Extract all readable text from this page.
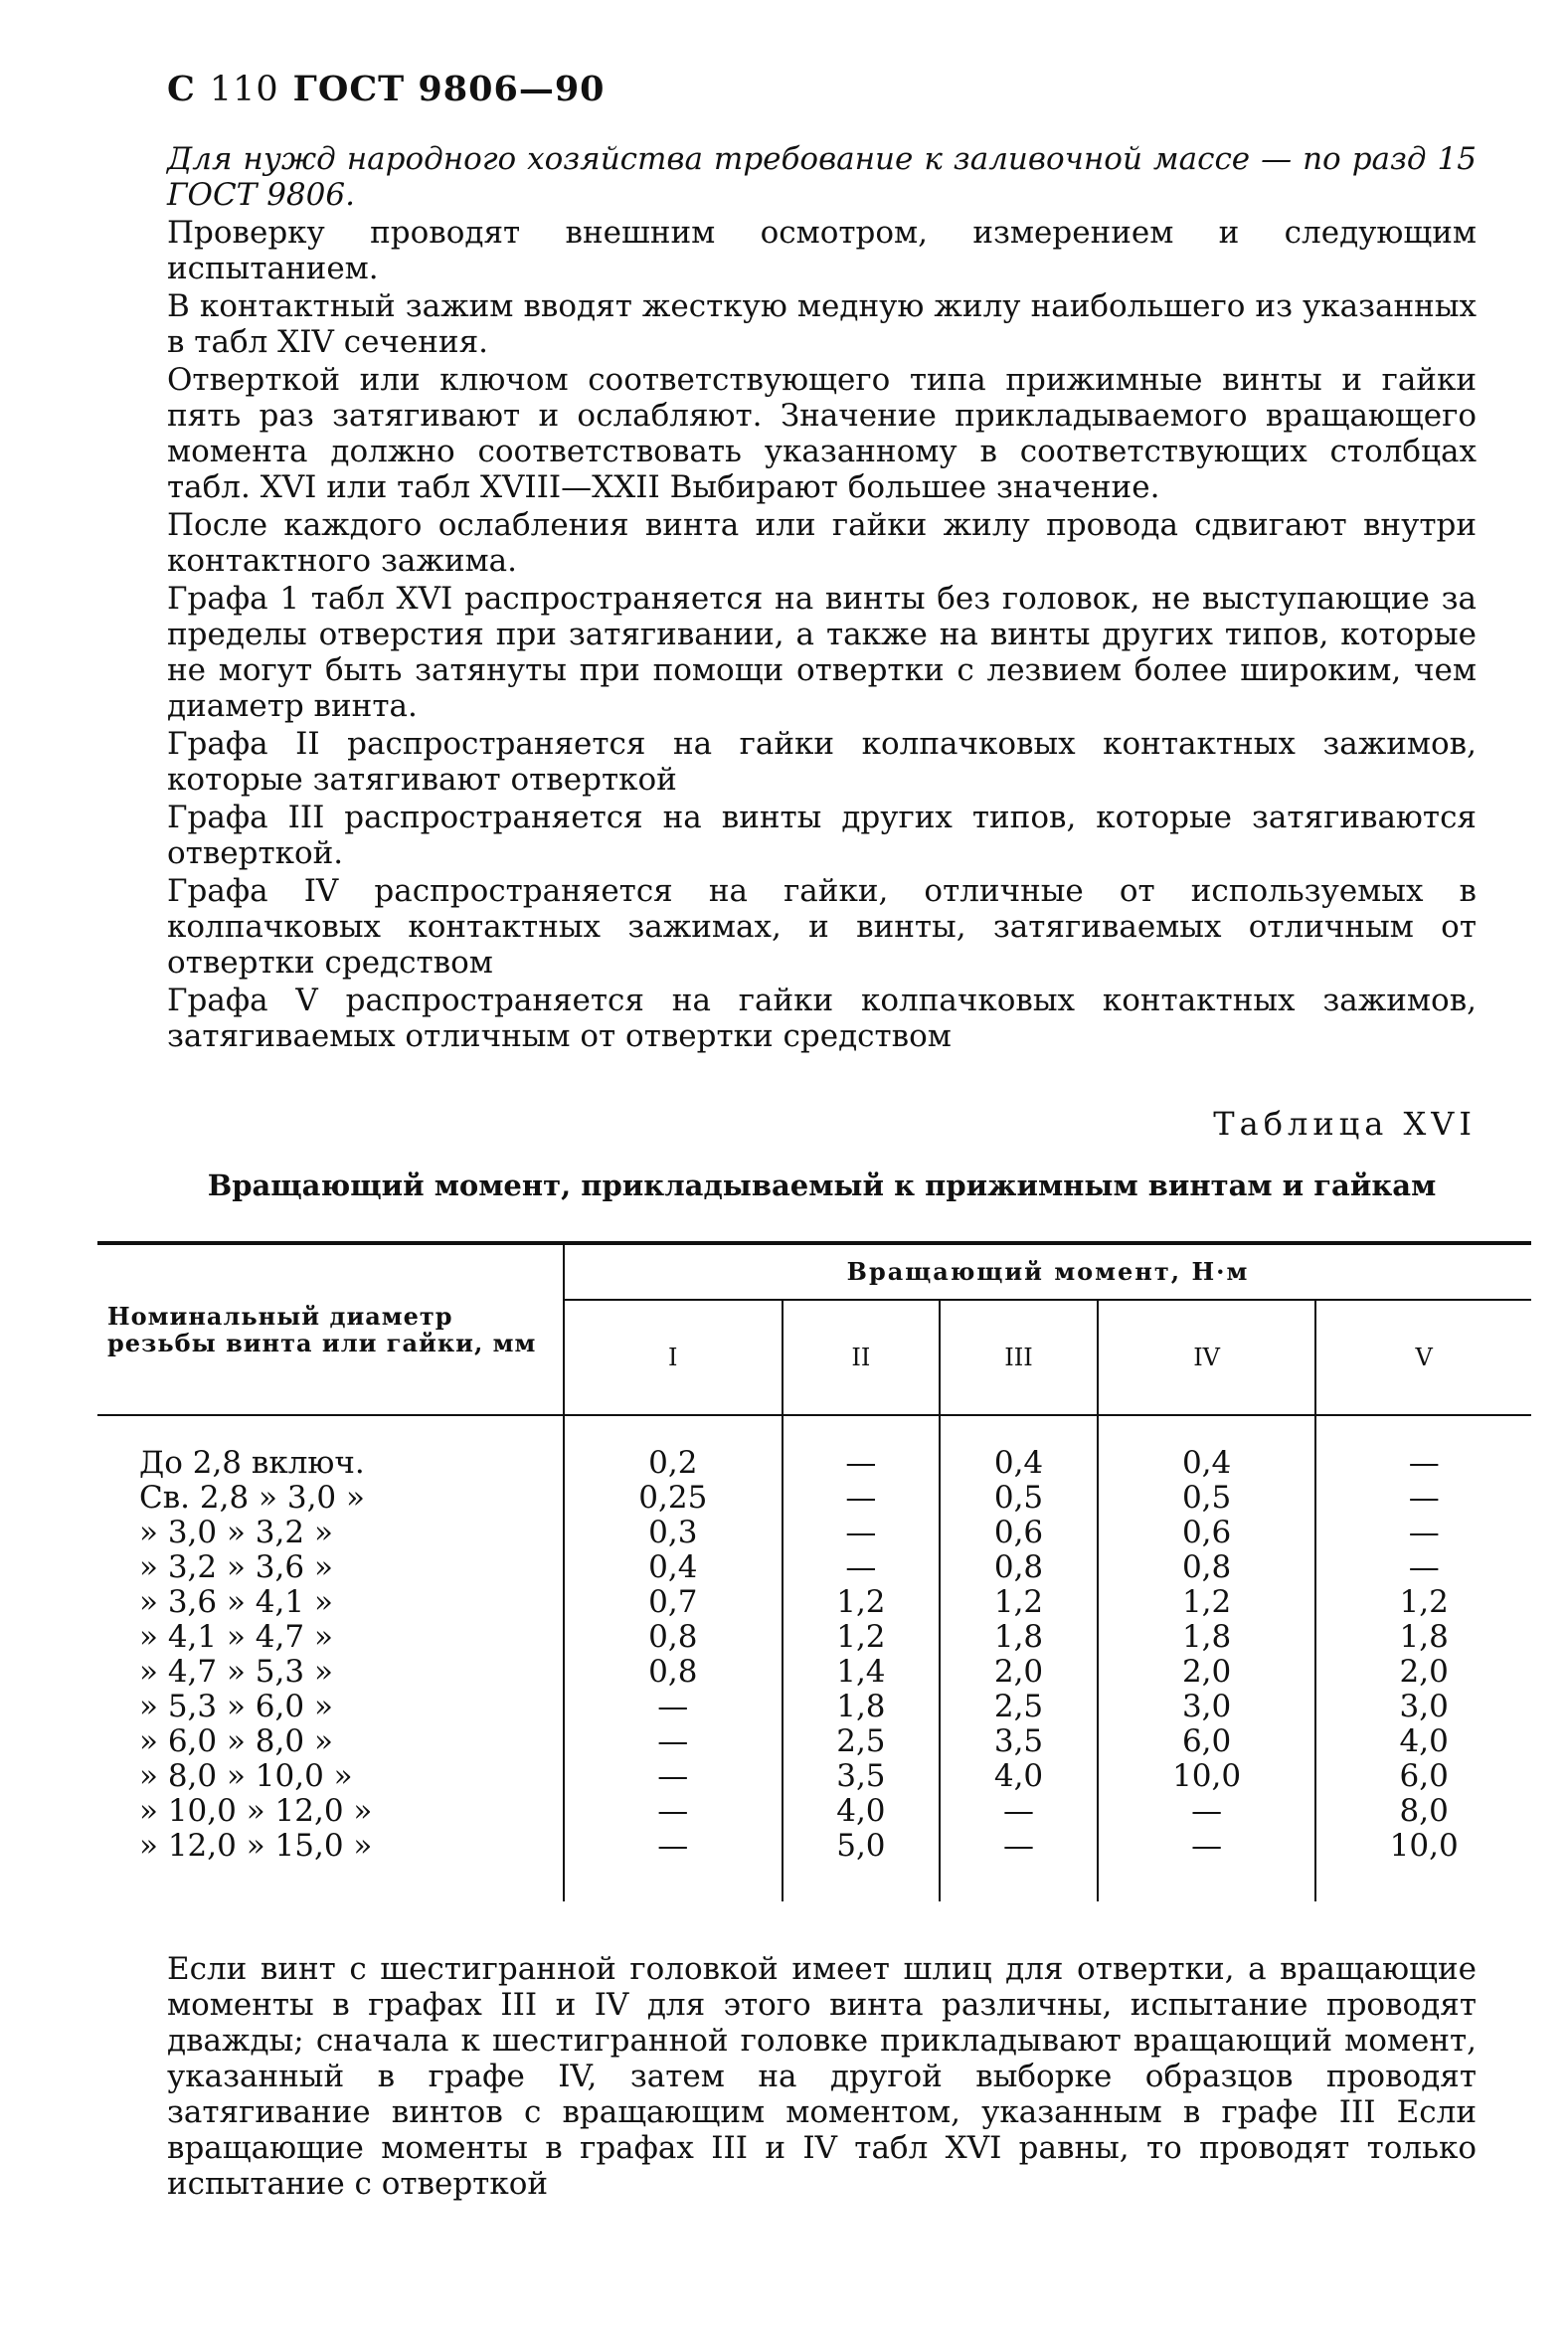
С 110 ГОСТ 9806—90

Для нужд народного хозяйства требование к заливочной массе — по разд 15 ГОСТ 9806.

Проверку проводят внешним осмотром, измерением и следующим испытанием.

В контактный зажим вводят жесткую медную жилу наибольшего из указанных в табл XIV сечения.

Отверткой или ключом соответствующего типа прижимные винты и гайки пять раз затягивают и ослабляют. Значение прикладываемого вращающего момента должно соответствовать указанному в соответствующих столбцах табл. XVI или табл XVIII—XXII Выбирают большее значение.

После каждого ослабления винта или гайки жилу провода сдвигают внутри контактного зажима.

Графа 1 табл XVI распространяется на винты без головок, не выступающие за пределы отверстия при затягивании, а также на винты других типов, которые не могут быть затянуты при помощи отвертки с лезвием более широким, чем диаметр винта.

Графа II распространяется на гайки колпачковых контактных зажимов, которые затягивают отверткой

Графа III распространяется на винты других типов, которые затягиваются отверткой.

Графа IV распространяется на гайки, отличные от используемых в колпачковых контактных зажимах, и винты, затягиваемых отличным от отвертки средством

Графа V распространяется на гайки колпачковых контактных зажимов, затягиваемых отличным от отвертки средством

Таблица XVI
Вращающий момент, прикладываемый к прижимным винтам и гайкам
Номинальный диаметр резьбы винта или гайки, мм	Вращающий момент, Н·м				
	I	II	III	IV	V
До 2,8 включ.	0,2	—	0,4	0,4	—
Св. 2,8 » 3,0 »	0,25	—	0,5	0,5	—
» 3,0 » 3,2 »	0,3	—	0,6	0,6	—
» 3,2 » 3,6 »	0,4	—	0,8	0,8	—
» 3,6 » 4,1 »	0,7	1,2	1,2	1,2	1,2
» 4,1 » 4,7 »	0,8	1,2	1,8	1,8	1,8
» 4,7 » 5,3 »	0,8	1,4	2,0	2,0	2,0
» 5,3 » 6,0 »	—	1,8	2,5	3,0	3,0
» 6,0 » 8,0 »	—	2,5	3,5	6,0	4,0
» 8,0 » 10,0 »	—	3,5	4,0	10,0	6,0
» 10,0 » 12,0 »	—	4,0	—	—	8,0
» 12,0 » 15,0 »	—	5,0	—	—	10,0

Если винт с шестигранной головкой имеет шлиц для отвертки, а вращающие моменты в графах III и IV для этого винта различны, испытание проводят дважды; сначала к шестигранной головке прикладывают вращающий момент, указанный в графе IV, затем на другой выборке образцов проводят затягивание винтов с вращающим моментом, указанным в графе III Если вращающие моменты в графах III и IV табл XVI равны, то проводят только испытание с отверткой
